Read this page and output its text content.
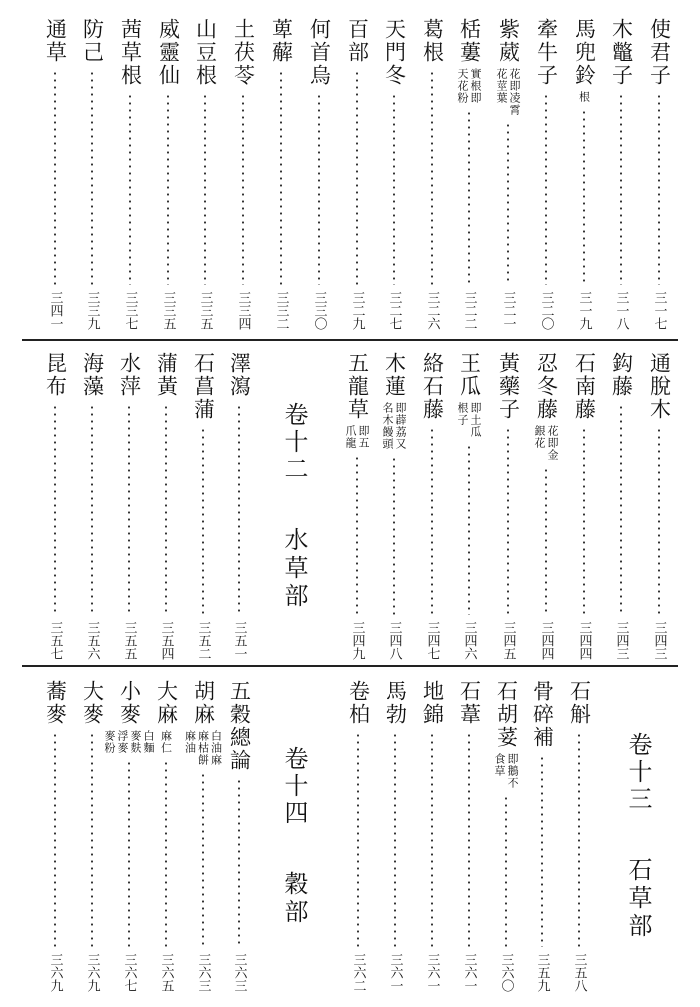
使君子
三一七
木鼈子
三一八
馬兜鈴
根
三一九
牽牛子
三二〇
紫葳
花即凌霄
花莖葉
三二一
栝蔞
實根即
天花粉
三二二
葛根
三二六
天門冬
三二七
百部
三二九
何首烏
三三〇
萆薢
三三二
土茯苓
三三四
山豆根
三三五
威靈仙
三三五
茜草根
三三七
防己
三三九
通草
三四一
通脫木
三四三
鈎藤
三四三
石南藤
三四四
忍冬藤
花即金
銀花
三四四
黃藥子
三四五
王瓜
即土瓜
根子
三四六
絡石藤
三四七
木蓮
即薜荔又
名木饅頭
三四八
五龍草
即五
爪龍
三四九
卷十二
水草部
澤瀉
三五一
石菖蒲
三五二
蒲黃
三五四
水萍
三五五
海藻
三五六
昆布
三五七
卷十三
石草部
石斛
三五八
骨碎補
三五九
石胡荽
即鵝不
食草
三六〇
石葦
三六一
地錦
三六一
馬勃
三六一
卷柏
三六二
卷十四
穀部
五穀總論
三六三
胡麻
白油麻
麻枯餅
麻油
三六三
大麻
麻仁
三六五
小麥
白麵
麥麩
浮麥
麥粉
三六七
大麥
三六九
蕎麥
三六九
